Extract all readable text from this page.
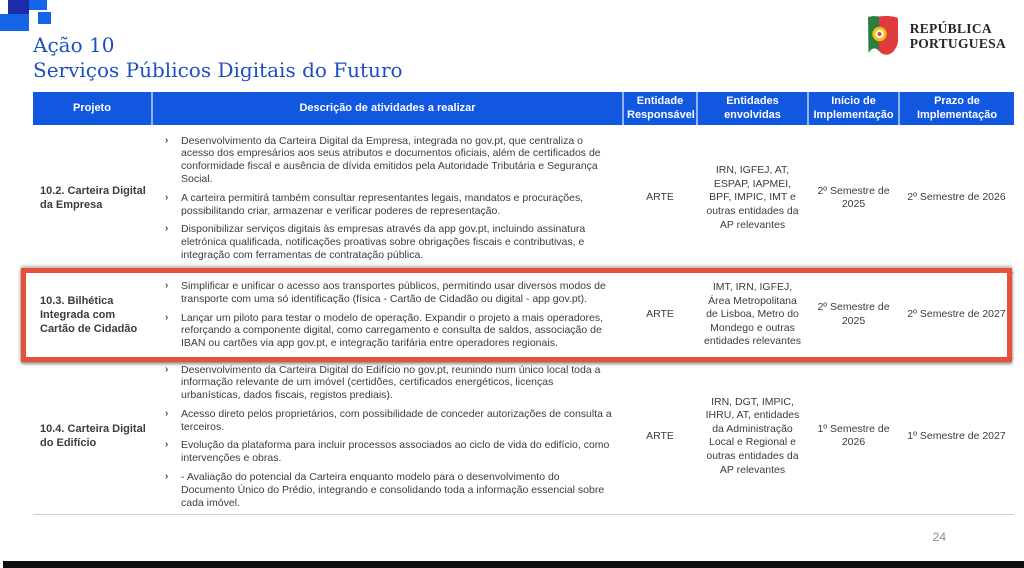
Ação 10
Serviços Públicos Digitais do Futuro
REPÚBLICA
PORTUGUESA
Projeto	Descrição de atividades a realizar	Entidade Responsável	Entidades envolvidas	Início de Implementação	Prazo de Implementação
10.2. Carteira Digital da Empresa	
›	Desenvolvimento da Carteira Digital da Empresa, integrada no gov.pt, que centraliza o acesso dos empresários aos seus atributos e documentos oficiais, além de certificados de conformidade fiscal e ausência de dívida emitidos pela Autoridade Tributária e Segurança Social.
›	A carteira permitirá também consultar representantes legais, mandatos e procurações, possibilitando criar, armazenar e verificar poderes de representação.
›	Disponibilizar serviços digitais às empresas através da app gov.pt, incluindo assinatura eletrónica qualificada, notificações proativas sobre obrigações fiscais e contributivas, e integração com ferramentas de contratação pública.
	ARTE	IRN, IGFEJ, AT, ESPAP, IAPMEI, BPF, IMPIC, IMT e outras entidades da AP relevantes	2º Semestre de 2025	2º Semestre de 2026
10.3. Bilhética Integrada com Cartão de Cidadão	› Simplificar e unificar o acesso aos transportes públicos, permitindo usar diversos modos de transporte com uma só identificação (física - Cartão de Cidadão ou digital - app gov.pt).
› Lançar um piloto para testar o modelo de operação. Expandir o projeto a mais operadores, reforçando a componente digital, como carregamento e consulta de saldos, associação de IBAN ou cartões via app gov.pt, e integração tarifária entre operadores regionais.	ARTE	IMT, IRN, IGFEJ, Área Metropolitana de Lisboa, Metro do Mondego e outras entidades relevantes	2º Semestre de 2025	2º Semestre de 2027
10.4. Carteira Digital do Edifício	
›	Desenvolvimento da Carteira Digital do Edifício no gov.pt, reunindo num único local toda a informação relevante de um imóvel (certidões, certificados energéticos, licenças urbanísticas, dados fiscais, registos prediais).
›	Acesso direto pelos proprietários, com possibilidade de conceder autorizações de consulta a terceiros.
›	Evolução da plataforma para incluir processos associados ao ciclo de vida do edifício, como intervenções e obras.
›	- Avaliação do potencial da Carteira enquanto modelo para o desenvolvimento do Documento Único do Prédio, integrando e consolidando toda a informação essencial sobre cada imóvel.
	ARTE	IRN, DGT, IMPIC, IHRU, AT, entidades da Administração Local e Regional e outras entidades da AP relevantes	1º Semestre de 2026	1º Semestre de 2027
24
